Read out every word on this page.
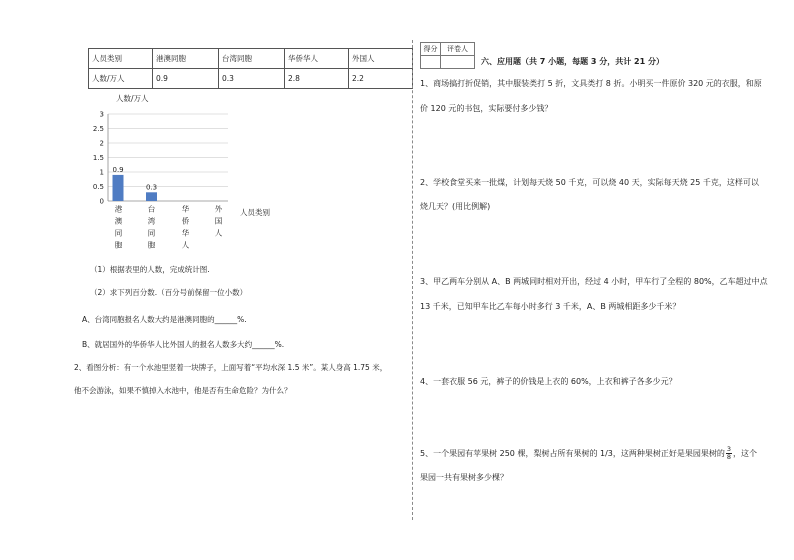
人员类别	港澳同胞	台湾同胞	华侨华人	外国人
人数/万人	0.9	0.3	2.8	2.2
人数/万人
0
0.5
1
1.5
2
2.5
3
0.9
0.3
港澳同胞	台湾同胞	华侨华人	外国人 人员类别
（1）根据表里的人数，完成统计图.
（2）求下列百分数.（百分号前保留一位小数）
A、台湾同胞报名人数大约是港澳同胞的______%.
B、就居国外的华侨华人比外国人的报名人数多大约______%.
2、看图分析：有一个水池里竖着一块牌子，上面写着“平均水深 1.5 米”。某人身高 1.75 米，
他不会游泳，如果不慎掉入水池中，他是否有生命危险？为什么？
得分	评卷人

六、应用题（共 7 小题，每题 3 分，共计 21 分）
1、商场搞打折促销，其中服装类打 5 折，文具类打 8 折。小明买一件原价 320 元的衣服，和原
价 120 元的书包，实际要付多少钱？
2、学校食堂买来一批煤，计划每天烧 50 千克，可以烧 40 天，实际每天烧 25 千克，这样可以
烧几天？(用比例解)
3、甲乙两车分别从 A、B 两城同时相对开出，经过 4 小时，甲车行了全程的 80%，乙车超过中点
13 千米，已知甲车比乙车每小时多行 3 千米，A、B 两城相距多少千米？
4、一套衣服 56 元，裤子的价钱是上衣的 60%，上衣和裤子各多少元？
5、一个果园有苹果树 250 棵，梨树占所有果树的 1/3，这两种果树正好是果园果树的 $\frac{3}{8}$ ，这个
果园一共有果树多少棵？
